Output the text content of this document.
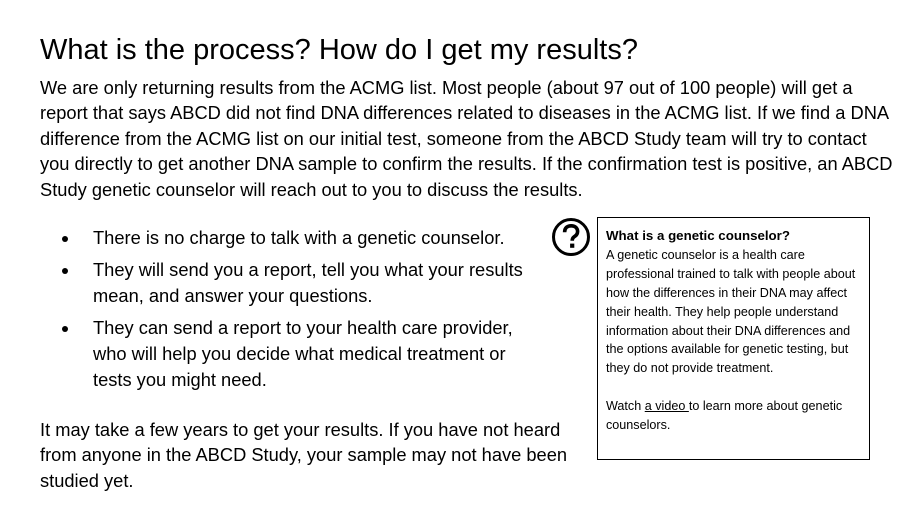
What is the process? How do I get my results?

We are only returning results from the ACMG list. Most people (about 97 out of 100 people) will get a report that says ABCD did not find DNA differences related to diseases in the ACMG list. If we find a DNA difference from the ACMG list on our initial test, someone from the ABCD Study team will try to contact you directly to get another DNA sample to confirm the results. If the confirmation test is positive, an ABCD Study genetic counselor will reach out to you to discuss the results.

There is no charge to talk with a genetic counselor.
They will send you a report, tell you what your results mean, and answer your questions.
They can send a report to your health care provider, who will help you decide what medical treatment or tests you might need.

It may take a few years to get your results. If you have not heard from anyone in the ABCD Study, your sample may not have been studied yet.

What is a genetic counselor?

A genetic counselor is a health care professional trained to talk with people about how the differences in their DNA may affect their health. They help people understand information about their DNA differences and the options available for genetic testing, but they do not provide treatment.

Watch a video to learn more about genetic counselors.
